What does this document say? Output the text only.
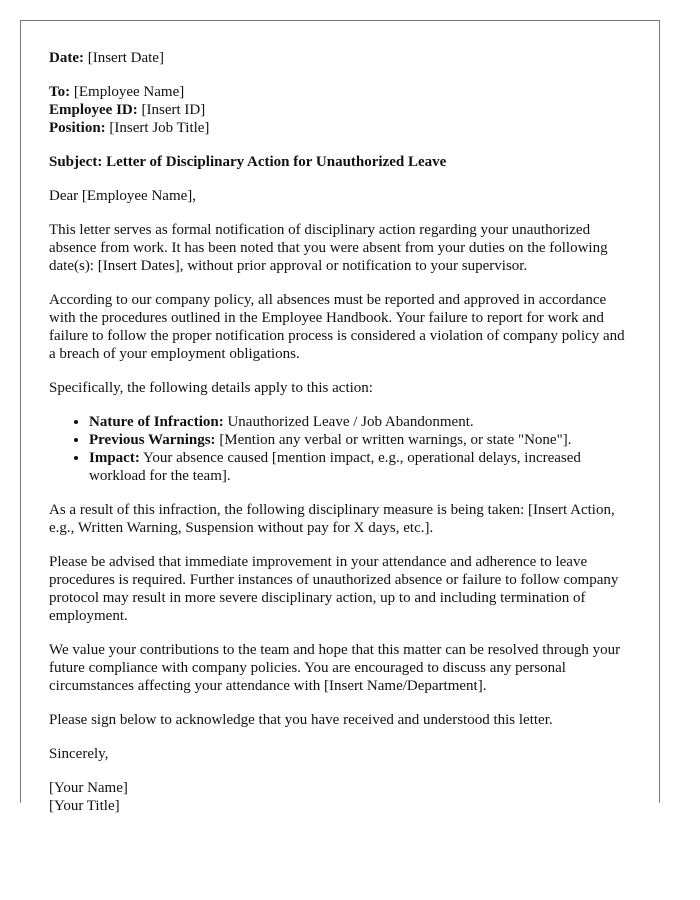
Date: [Insert Date]

To: [Employee Name]
Employee ID: [Insert ID]
Position: [Insert Job Title]

Subject: Letter of Disciplinary Action for Unauthorized Leave

Dear [Employee Name],

This letter serves as formal notification of disciplinary action regarding your unauthorized absence from work. It has been noted that you were absent from your duties on the following date(s): [Insert Dates], without prior approval or notification to your supervisor.

According to our company policy, all absences must be reported and approved in accordance with the procedures outlined in the Employee Handbook. Your failure to report for work and failure to follow the proper notification process is considered a violation of company policy and a breach of your employment obligations.

Specifically, the following details apply to this action:

• Nature of Infraction: Unauthorized Leave / Job Abandonment.
• Previous Warnings: [Mention any verbal or written warnings, or state "None"].
• Impact: Your absence caused [mention impact, e.g., operational delays, increased workload for the team].

As a result of this infraction, the following disciplinary measure is being taken: [Insert Action, e.g., Written Warning, Suspension without pay for X days, etc.].

Please be advised that immediate improvement in your attendance and adherence to leave procedures is required. Further instances of unauthorized absence or failure to follow company protocol may result in more severe disciplinary action, up to and including termination of employment.

We value your contributions to the team and hope that this matter can be resolved through your future compliance with company policies. You are encouraged to discuss any personal circumstances affecting your attendance with [Insert Name/Department].

Please sign below to acknowledge that you have received and understood this letter.

Sincerely,

[Your Name]
[Your Title]
